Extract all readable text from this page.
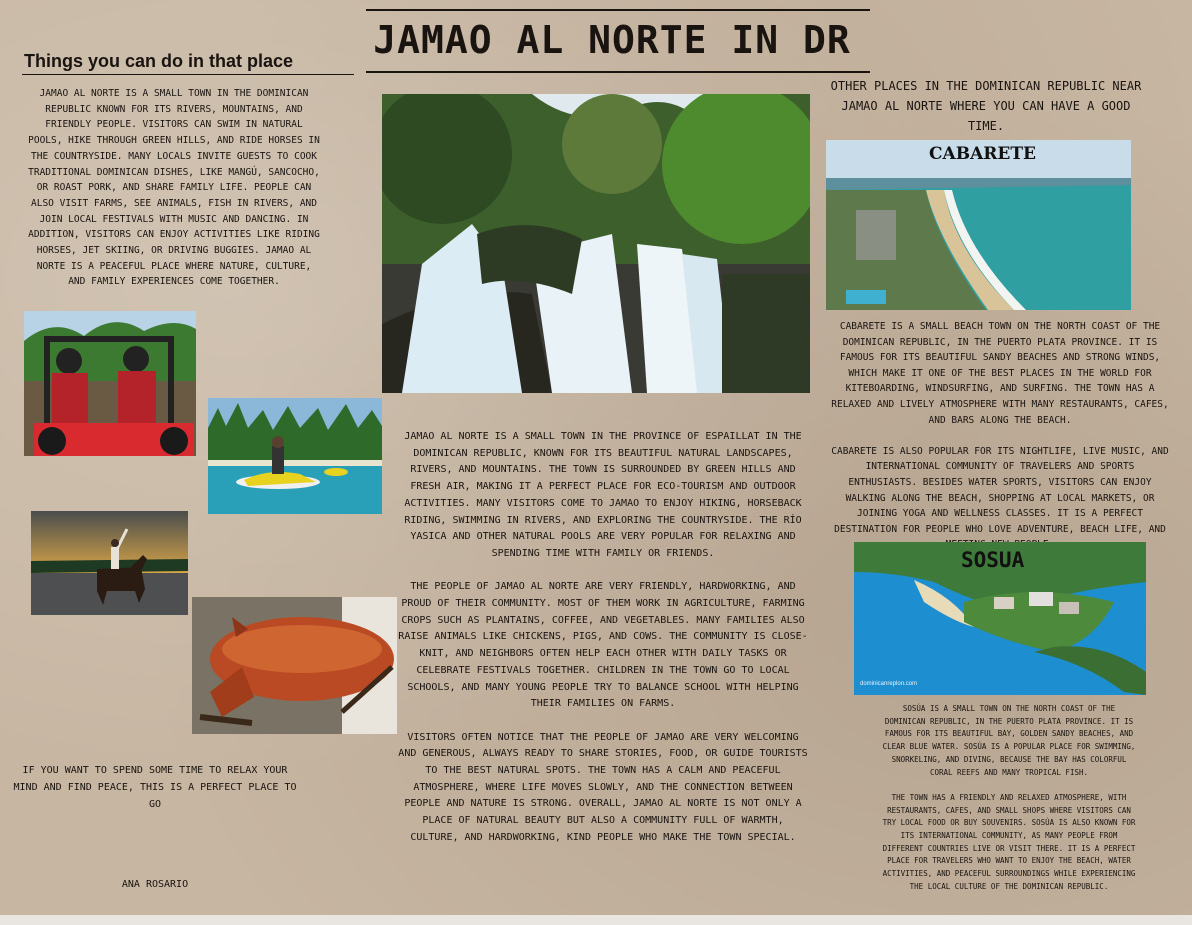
JAMAO AL NORTE IN DR
Things you can do in that place

JAMAO AL NORTE IS A SMALL TOWN IN THE DOMINICAN REPUBLIC KNOWN FOR ITS RIVERS, MOUNTAINS, AND FRIENDLY PEOPLE. VISITORS CAN SWIM IN NATURAL POOLS, HIKE THROUGH GREEN HILLS, AND RIDE HORSES IN THE COUNTRYSIDE. MANY LOCALS INVITE GUESTS TO COOK TRADITIONAL DOMINICAN DISHES, LIKE MANGÚ, SANCOCHO, OR ROAST PORK, AND SHARE FAMILY LIFE. PEOPLE CAN ALSO VISIT FARMS, SEE ANIMALS, FISH IN RIVERS, AND JOIN LOCAL FESTIVALS WITH MUSIC AND DANCING. IN ADDITION, VISITORS CAN ENJOY ACTIVITIES LIKE RIDING HORSES, JET SKIING, OR DRIVING BUGGIES. JAMAO AL NORTE IS A PEACEFUL PLACE WHERE NATURE, CULTURE, AND FAMILY EXPERIENCES COME TOGETHER.

IF YOU WANT TO SPEND SOME TIME TO RELAX YOUR MIND AND FIND PEACE, THIS IS A PERFECT PLACE TO GO

ANA ROSARIO

JAMAO AL NORTE IS A SMALL TOWN IN THE PROVINCE OF ESPAILLAT IN THE DOMINICAN REPUBLIC, KNOWN FOR ITS BEAUTIFUL NATURAL LANDSCAPES, RIVERS, AND MOUNTAINS. THE TOWN IS SURROUNDED BY GREEN HILLS AND FRESH AIR, MAKING IT A PERFECT PLACE FOR ECO-TOURISM AND OUTDOOR ACTIVITIES. MANY VISITORS COME TO JAMAO TO ENJOY HIKING, HORSEBACK RIDING, SWIMMING IN RIVERS, AND EXPLORING THE COUNTRYSIDE. THE RÍO YASICA AND OTHER NATURAL POOLS ARE VERY POPULAR FOR RELAXING AND SPENDING TIME WITH FAMILY OR FRIENDS.

THE PEOPLE OF JAMAO AL NORTE ARE VERY FRIENDLY, HARDWORKING, AND PROUD OF THEIR COMMUNITY. MOST OF THEM WORK IN AGRICULTURE, FARMING CROPS SUCH AS PLANTAINS, COFFEE, AND VEGETABLES. MANY FAMILIES ALSO RAISE ANIMALS LIKE CHICKENS, PIGS, AND COWS. THE COMMUNITY IS CLOSE-KNIT, AND NEIGHBORS OFTEN HELP EACH OTHER WITH DAILY TASKS OR CELEBRATE FESTIVALS TOGETHER. CHILDREN IN THE TOWN GO TO LOCAL SCHOOLS, AND MANY YOUNG PEOPLE TRY TO BALANCE SCHOOL WITH HELPING THEIR FAMILIES ON FARMS.

VISITORS OFTEN NOTICE THAT THE PEOPLE OF JAMAO ARE VERY WELCOMING AND GENEROUS, ALWAYS READY TO SHARE STORIES, FOOD, OR GUIDE TOURISTS TO THE BEST NATURAL SPOTS. THE TOWN HAS A CALM AND PEACEFUL ATMOSPHERE, WHERE LIFE MOVES SLOWLY, AND THE CONNECTION BETWEEN PEOPLE AND NATURE IS STRONG. OVERALL, JAMAO AL NORTE IS NOT ONLY A PLACE OF NATURAL BEAUTY BUT ALSO A COMMUNITY FULL OF WARMTH, CULTURE, AND HARDWORKING, KIND PEOPLE WHO MAKE THE TOWN SPECIAL.

OTHER PLACES IN THE DOMINICAN REPUBLIC NEAR JAMAO AL NORTE WHERE YOU CAN HAVE A GOOD TIME.

CABARETE

CABARETE IS A SMALL BEACH TOWN ON THE NORTH COAST OF THE DOMINICAN REPUBLIC, IN THE PUERTO PLATA PROVINCE. IT IS FAMOUS FOR ITS BEAUTIFUL SANDY BEACHES AND STRONG WINDS, WHICH MAKE IT ONE OF THE BEST PLACES IN THE WORLD FOR KITEBOARDING, WINDSURFING, AND SURFING. THE TOWN HAS A RELAXED AND LIVELY ATMOSPHERE WITH MANY RESTAURANTS, CAFES, AND BARS ALONG THE BEACH.

CABARETE IS ALSO POPULAR FOR ITS NIGHTLIFE, LIVE MUSIC, AND INTERNATIONAL COMMUNITY OF TRAVELERS AND SPORTS ENTHUSIASTS. BESIDES WATER SPORTS, VISITORS CAN ENJOY WALKING ALONG THE BEACH, SHOPPING AT LOCAL MARKETS, OR JOINING YOGA AND WELLNESS CLASSES. IT IS A PERFECT DESTINATION FOR PEOPLE WHO LOVE ADVENTURE, BEACH LIFE, AND

SOSUA
dominicanreplon.com

SOSÚA IS A SMALL TOWN ON THE NORTH COAST OF THE DOMINICAN REPUBLIC, IN THE PUERTO PLATA PROVINCE. IT IS FAMOUS FOR ITS BEAUTIFUL BAY, GOLDEN SANDY BEACHES, AND CLEAR BLUE WATER. SOSÚA IS A POPULAR PLACE FOR SWIMMING, SNORKELING, AND DIVING, BECAUSE THE BAY HAS COLORFUL CORAL REEFS AND MANY TROPICAL FISH.

THE TOWN HAS A FRIENDLY AND RELAXED ATMOSPHERE, WITH RESTAURANTS, CAFES, AND SMALL SHOPS WHERE VISITORS CAN TRY LOCAL FOOD OR BUY SOUVENIRS. SOSÚA IS ALSO KNOWN FOR ITS INTERNATIONAL COMMUNITY, AS MANY PEOPLE FROM DIFFERENT COUNTRIES LIVE OR VISIT THERE. IT IS A PERFECT PLACE FOR TRAVELERS WHO WANT TO ENJOY THE BEACH, WATER ACTIVITIES, AND PEACEFUL SURROUNDINGS WHILE EXPERIENCING THE LOCAL CULTURE OF THE DOMINICAN REPUBLIC.
